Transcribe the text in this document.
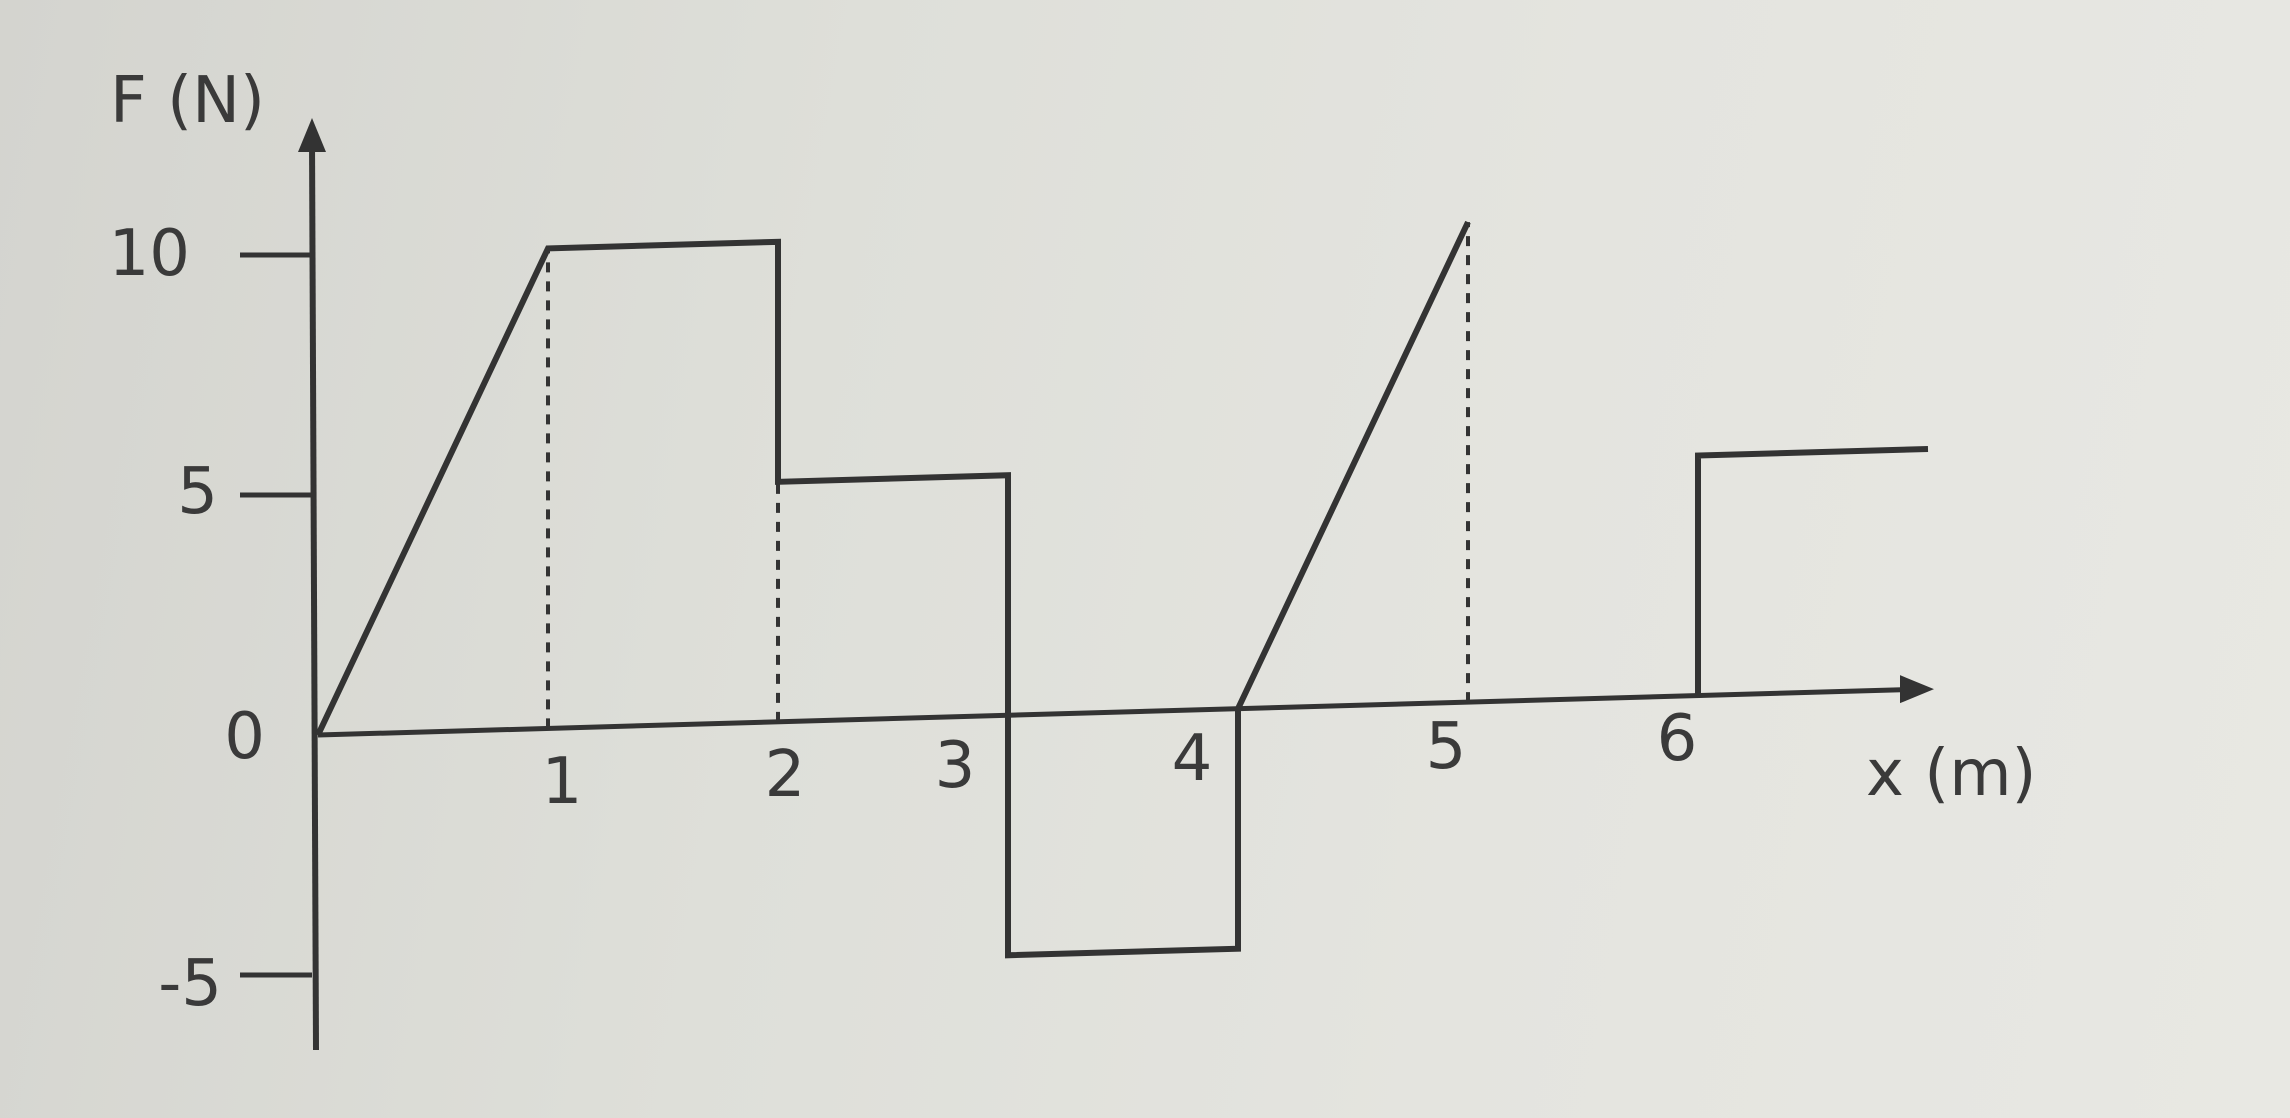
10
5
0
-5
1	2 3	4	5	6
F (N)
x (m)
